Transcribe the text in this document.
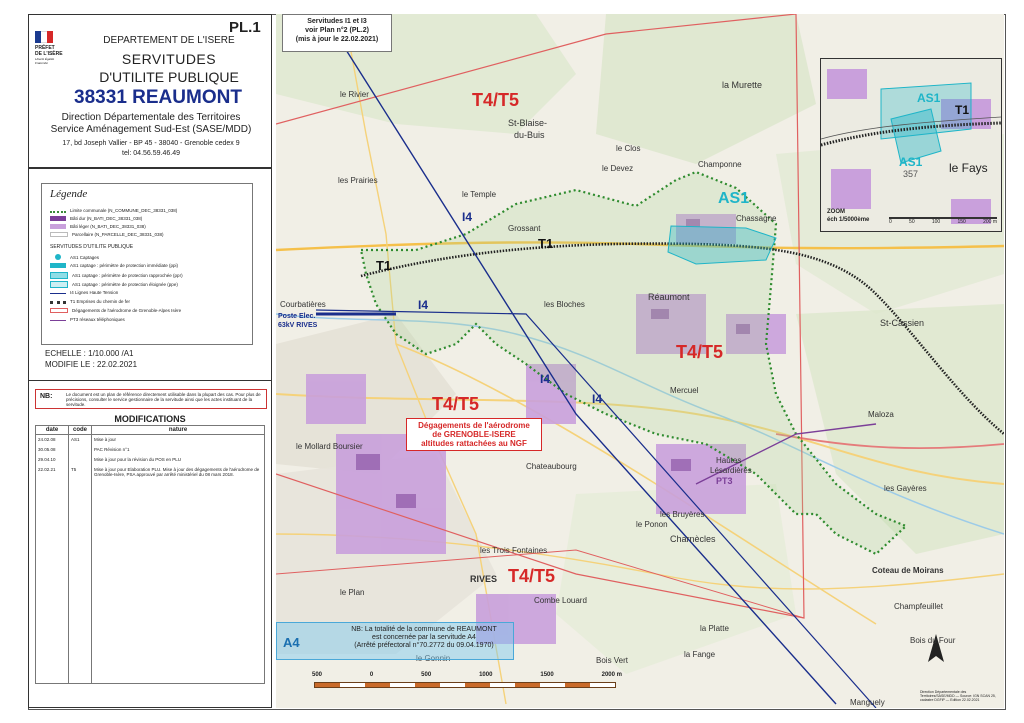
PL.1
PRÉFET
DE L'ISÈRE
Liberté Égalité Fraternité
DEPARTEMENT DE L'ISERE
SERVITUDES
D'UTILITE PUBLIQUE
38331 REAUMONT
Direction Départementale des Territoires
Service Aménagement Sud-Est (SASE/MDD)
17, bd Joseph Vallier - BP 45 - 38040 - Grenoble cedex 9
tel: 04.56.59.46.49
Légende
Limite communale (N_COMMUNE_DEC_38331_038)
Bâti dur (N_BATI_DEC_38331_038)
Bâti léger (N_BATI_DEC_38331_038)
Parcellaire (N_PARCELLE_DEC_38331_038)
SERVITUDES D'UTILITE PUBLIQUE
AS1 Captages
AS1 captage : périmètre de protection immédiate (ppi)
AS1 captage : périmètre de protection rapprochée (ppr)
AS1 captage : périmètre de protection éloignée (ppe)
I4 Lignes Haute Tension
T1 Emprises du chemin de fer
Dégagements de l'aérodrome de Grenoble-Alpes Isère
PT3 réseaux téléphoniques
ECHELLE : 1/10.000 /A1
MODIFIE LE : 22.02.2021
NB:	Le document est un plan de référence directement utilisable dans la plupart des cas. Pour plus de précisions, consulter le service gestionnaire de la servitude ainsi que les actes instituant de la servitude.
MODIFICATIONS
date	code	nature
24.02.08	AS1	Mise à jour
30.05.08		PAC Révision n°1
29.04.10		Mise à jour pour la révision du POS en PLU
22.02.21	T5	Mise à jour pour Elaboration PLU. Mise à jour des dégagements de l'aérodrome de Grenoble-Isère, PSA approuvé par arrêté ministériel du 08 mars 2018.

Servitudes I1 et I3
voir Plan n°2 (PL.2)
(mis à jour le 22.02.2021)
T4/T5
T4/T5
T4/T5
T4/T5
I4
I4
I4
I4
T1
T1
AS1
PT3
Dégagements de l'aérodrome
de GRENOBLE-ISERE
altitudes rattachées au NGF
Poste Elec.
63kV RIVES
la Murette
St-Blaise-
du-Buis
Champonne
Réaumont
les Bloches
Mercuel
St-Cassien
Maloza
Hautes
Lésardières
Charnècles
RIVES
le Plan
le Rivier
Chateaubourg
les Bruyères
le Clos
le Devez
le Temple
Grossant
les Prairies
le Ponon
Chassagne
les Gayères
Champfeuillet
Bois du Four
Coteau de Moirans
le Gonnin
la Platte
la Fange
Manguely
les Trois Fontaines
Combe Louard
le Mollard Boursier
Courbatières
Bois Vert
AS1
AS1
357
T1
le Fays
ZOOM
éch 1/5000ème	0	50	100	150	200 m
A4
NB: La totalité de la commune de REAUMONT
est concernée par la servitude A4
(Arrêté préfectoral n°70.2772 du 09.04.1970)
500	0	500	1000	1500	2000 m
Direction Départementale des Territoires/SASE/MDD — Source: IGN SCAN 25, cadastre DGFiP — Edition 22.02.2021
